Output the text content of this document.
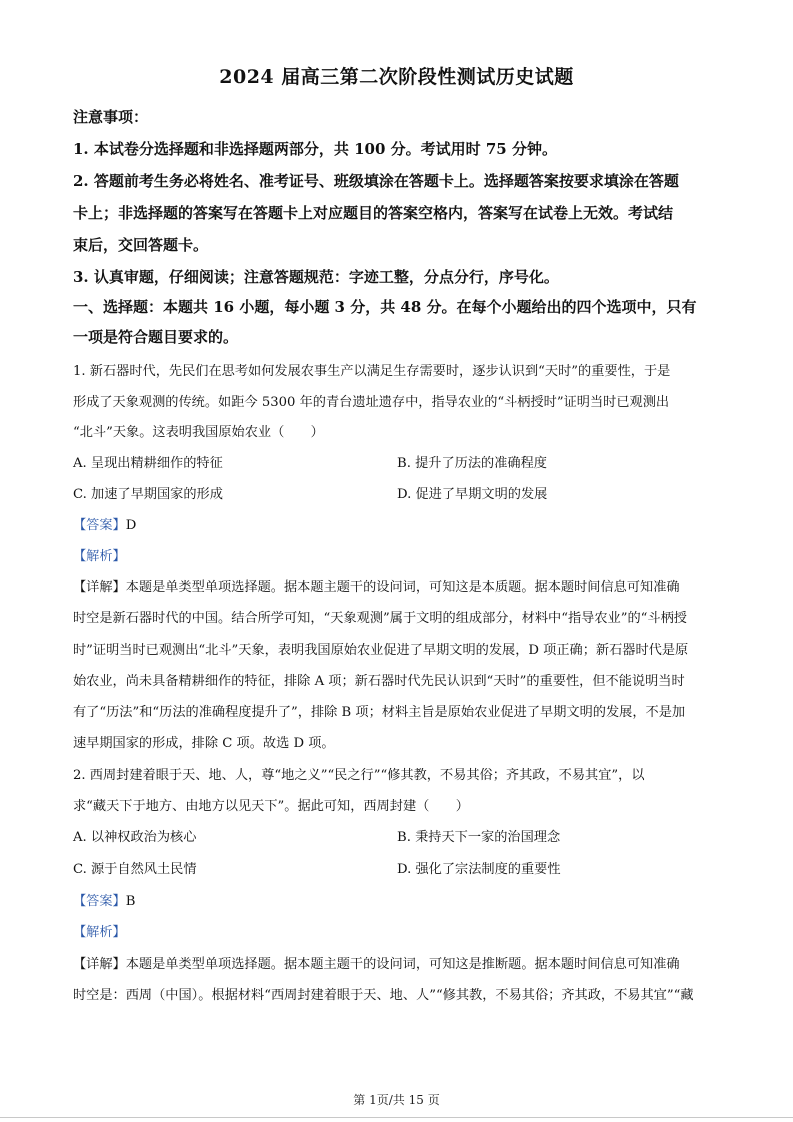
2024 届高三第二次阶段性测试历史试题
注意事项：
1. 本试卷分选择题和非选择题两部分，共 100 分。考试用时 75 分钟。
2. 答题前考生务必将姓名、准考证号、班级填涂在答题卡上。选择题答案按要求填涂在答题
卡上；非选择题的答案写在答题卡上对应题目的答案空格内，答案写在试卷上无效。考试结
束后，交回答题卡。
3. 认真审题，仔细阅读；注意答题规范：字迹工整，分点分行，序号化。
一、选择题：本题共 16 小题，每小题 3 分，共 48 分。在每个小题给出的四个选项中，只有
一项是符合题目要求的。
1. 新石器时代，先民们在思考如何发展农事生产以满足生存需要时，逐步认识到“天时”的重要性，于是
形成了天象观测的传统。如距今 5300 年的青台遗址遗存中，指导农业的“斗柄授时”证明当时已观测出
“北斗”天象。这表明我国原始农业（　　）
A. 呈现出精耕细作的特征	B. 提升了历法的准确程度
C. 加速了早期国家的形成	D. 促进了早期文明的发展
【答案】D
【解析】
【详解】本题是单类型单项选择题。据本题主题干的设问词，可知这是本质题。据本题时间信息可知准确
时空是新石器时代的中国。结合所学可知，“天象观测”属于文明的组成部分，材料中“指导农业”的“斗柄授
时”证明当时已观测出“北斗”天象，表明我国原始农业促进了早期文明的发展，D 项正确；新石器时代是原
始农业，尚未具备精耕细作的特征，排除 A 项；新石器时代先民认识到“天时”的重要性，但不能说明当时
有了“历法”和“历法的准确程度提升了”，排除 B 项；材料主旨是原始农业促进了早期文明的发展，不是加
速早期国家的形成，排除 C 项。故选 D 项。
2. 西周封建着眼于天、地、人，尊“地之义”“民之行”“修其教，不易其俗；齐其政，不易其宜”，以
求“藏天下于地方、由地方以见天下”。据此可知，西周封建（　　）
A. 以神权政治为核心	B. 秉持天下一家的治国理念
C. 源于自然风土民情	D. 强化了宗法制度的重要性
【答案】B
【解析】
【详解】本题是单类型单项选择题。据本题主题干的设问词，可知这是推断题。据本题时间信息可知准确
时空是：西周（中国）。根据材料“西周封建着眼于天、地、人”“修其教，不易其俗；齐其政，不易其宜”“藏
第 1页/共 15 页
